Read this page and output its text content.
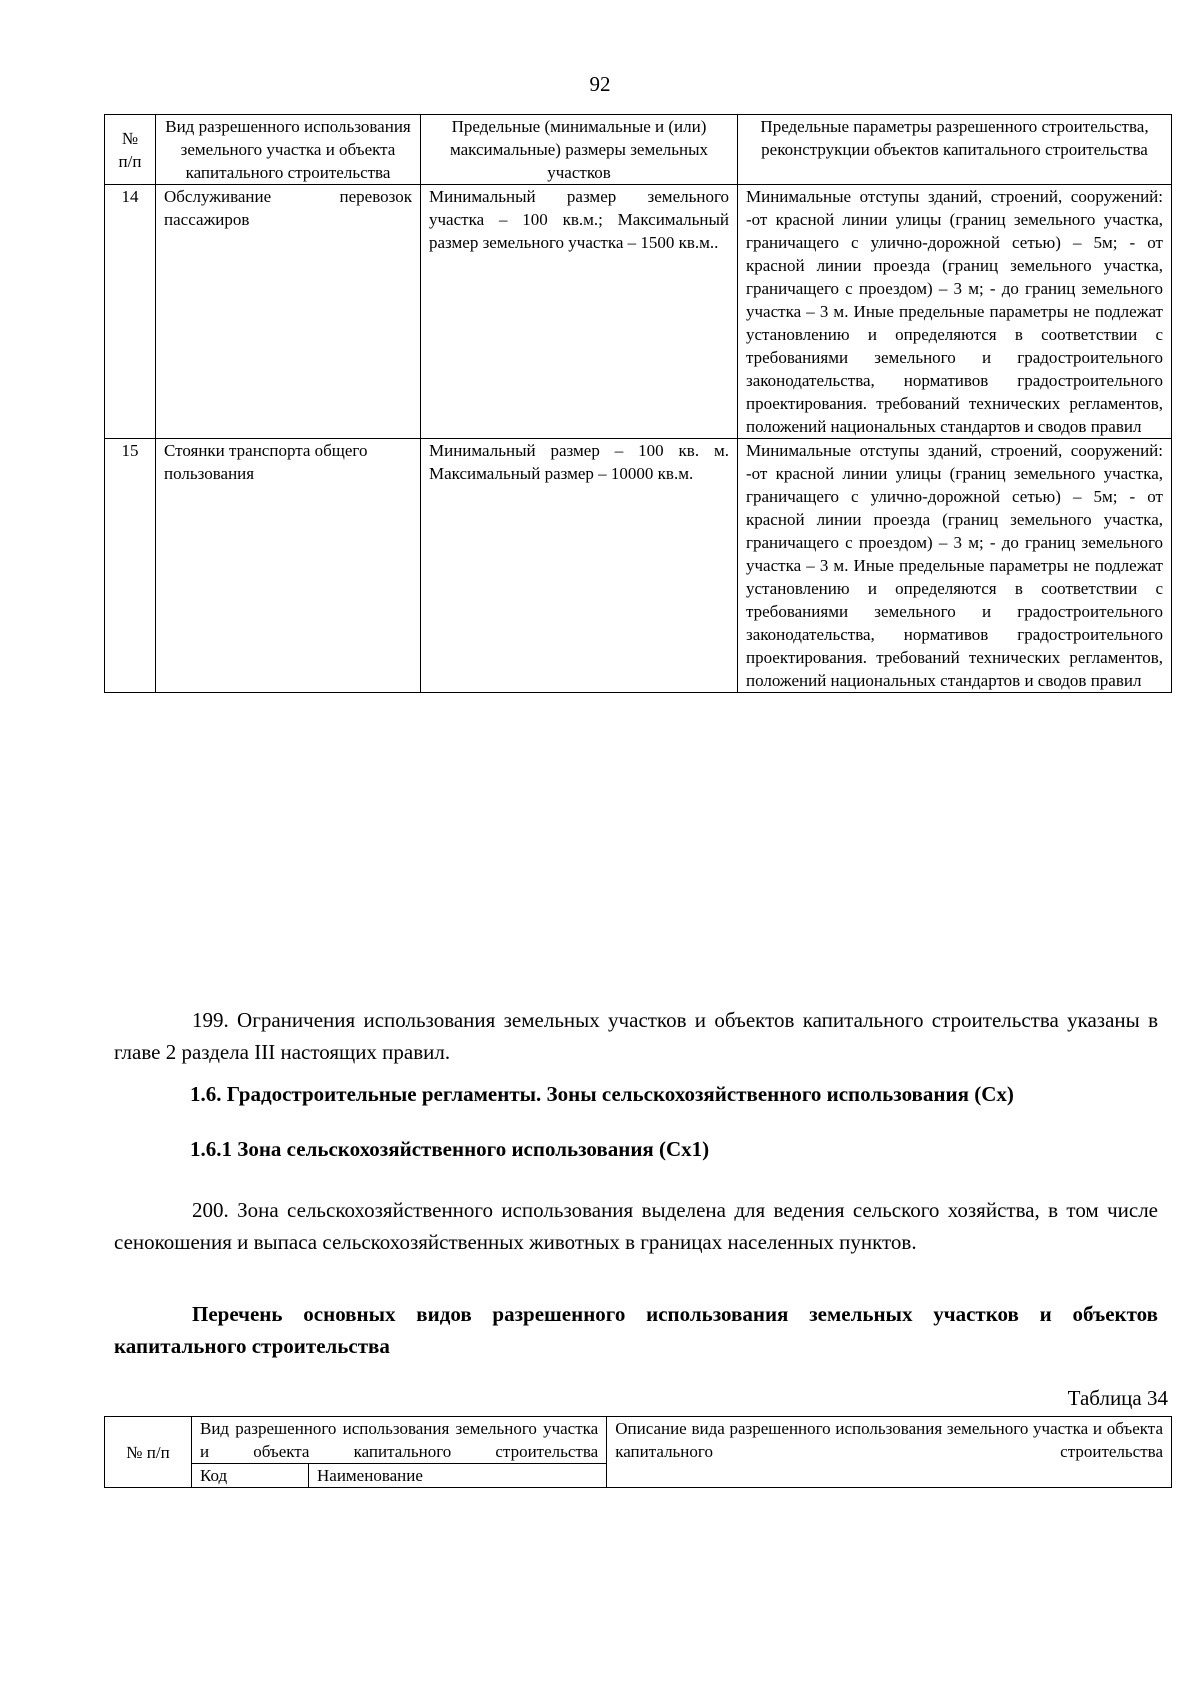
92
№ п/п	Вид разрешенного использования земельного участка и объекта капитального строительства	Предельные (минимальные и (или) максимальные) размеры земельных участков	Предельные параметры разрешенного строительства, реконструкции объектов капитального строительства
14	Обслуживание перевозок пассажиров	Минимальный размер земельного участка – 100 кв.м.; Максимальный размер земельного участка – 1500 кв.м..	Минимальные отступы зданий, строений, сооружений: -от красной линии улицы (границ земельного участка, граничащего с улично-дорожной сетью) – 5м; - от красной линии проезда (границ земельного участка, граничащего с проездом) – 3 м; - до границ земельного участка – 3 м. Иные предельные параметры не подлежат установлению и определяются в соответствии с требованиями земельного и градостроительного законодательства, нормативов градостроительного проектирования. требований технических регламентов, положений национальных стандартов и сводов правил
15	Стоянки транспорта общего пользования	Минимальный размер – 100 кв. м. Максимальный размер – 10000 кв.м.	Минимальные отступы зданий, строений, сооружений: -от красной линии улицы (границ земельного участка, граничащего с улично-дорожной сетью) – 5м; - от красной линии проезда (границ земельного участка, граничащего с проездом) – 3 м; - до границ земельного участка – 3 м. Иные предельные параметры не подлежат установлению и определяются в соответствии с требованиями земельного и градостроительного законодательства, нормативов градостроительного проектирования. требований технических регламентов, положений национальных стандартов и сводов правил

199. Ограничения использования земельных участков и объектов капитального строительства указаны в главе 2 раздела III настоящих правил.

1.6. Градостроительные регламенты. Зоны сельскохозяйственного использования (Сх)

1.6.1 Зона сельскохозяйственного использования (Сх1)

200. Зона сельскохозяйственного использования выделена для ведения сельского хозяйства, в том числе сенокошения и выпаса сельскохозяйственных животных в границах населенных пунктов.

Перечень основных видов разрешенного использования земельных участков и объектов капитального строительства

Таблица 34
№ п/п	Вид разрешенного использования земельного участка и объекта капитального строительства		Описание вида разрешенного использования земельного участка и объекта капитального строительства
	Код	Наименование	
